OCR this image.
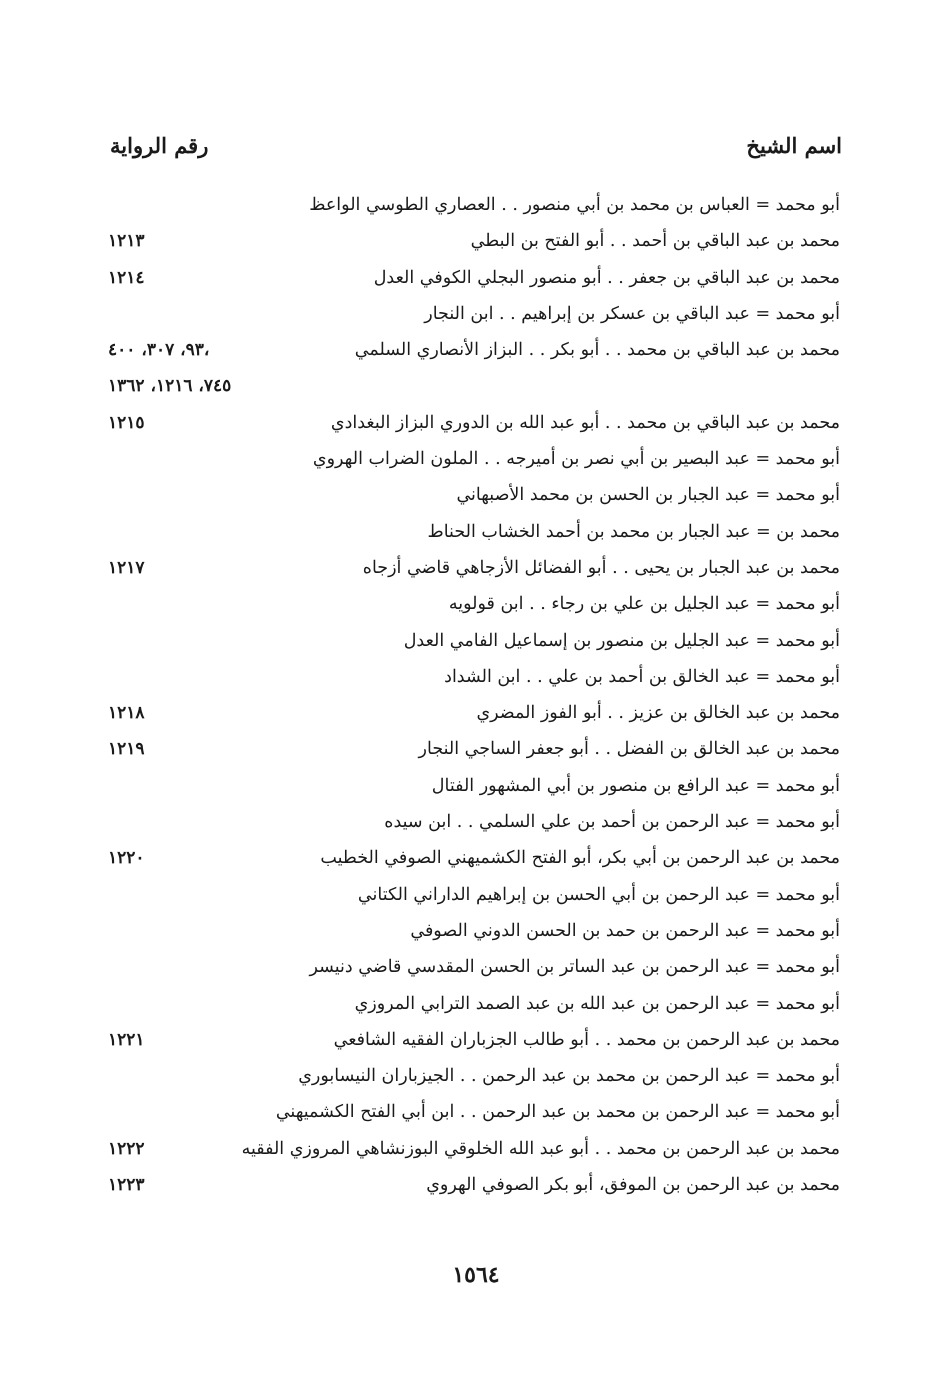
اسم الشيخ
رقم الرواية
أبو محمد = العباس بن محمد بن أبي منصور . . العصاري الطوسي الواعظ
محمد بن عبد الباقي بن أحمد . . أبو الفتح بن البطي
١٢١٣
محمد بن عبد الباقي بن جعفر . . أبو منصور البجلي الكوفي العدل
١٢١٤
أبو محمد = عبد الباقي بن عسكر بن إبراهيم . . ابن النجار
محمد بن عبد الباقي بن محمد . . أبو بكر . . البزاز الأنصاري السلمي
٩٣، ٣٠٧، ٤٠٠،
٧٤٥، ١٢١٦، ١٣٦٢
محمد بن عبد الباقي بن محمد . . أبو عبد الله بن الدوري البزاز البغدادي
١٢١٥
أبو محمد = عبد البصير بن أبي نصر بن أميرجه . . الملون الضراب الهروي
أبو محمد = عبد الجبار بن الحسن بن محمد الأصبهاني
محمد بن = عبد الجبار بن محمد بن أحمد الخشاب الحناط
محمد بن عبد الجبار بن يحيى . . أبو الفضائل الأزجاهي قاضي أزجاه
١٢١٧
أبو محمد = عبد الجليل بن علي بن رجاء . . ابن قولويه
أبو محمد = عبد الجليل بن منصور بن إسماعيل الفامي العدل
أبو محمد = عبد الخالق بن أحمد بن علي . . ابن الشداد
محمد بن عبد الخالق بن عزيز . . أبو الفوز المضري
١٢١٨
محمد بن عبد الخالق بن الفضل . . أبو جعفر الساجي النجار
١٢١٩
أبو محمد = عبد الرافع بن منصور بن أبي المشهور الفتال
أبو محمد = عبد الرحمن بن أحمد بن علي السلمي . . ابن سيده
محمد بن عبد الرحمن بن أبي بكر، أبو الفتح الكشميهني الصوفي الخطيب
١٢٢٠
أبو محمد = عبد الرحمن بن أبي الحسن بن إبراهيم الداراني الكتاني
أبو محمد = عبد الرحمن بن حمد بن الحسن الدوني الصوفي
أبو محمد = عبد الرحمن بن عبد الساتر بن الحسن المقدسي قاضي دنيسر
أبو محمد = عبد الرحمن بن عبد الله بن عبد الصمد الترابي المروزي
محمد بن عبد الرحمن بن محمد . . أبو طالب الجزباران الفقيه الشافعي
١٢٢١
أبو محمد = عبد الرحمن بن محمد بن عبد الرحمن . . الجيزباران النيسابوري
أبو محمد = عبد الرحمن بن محمد بن عبد الرحمن . . ابن أبي الفتح الكشميهني
محمد بن عبد الرحمن بن محمد . . أبو عبد الله الخلوقي البوزنشاهي المروزي الفقيه
١٢٢٢
محمد بن عبد الرحمن بن الموفق، أبو بكر الصوفي الهروي
١٢٢٣
١٥٦٤
